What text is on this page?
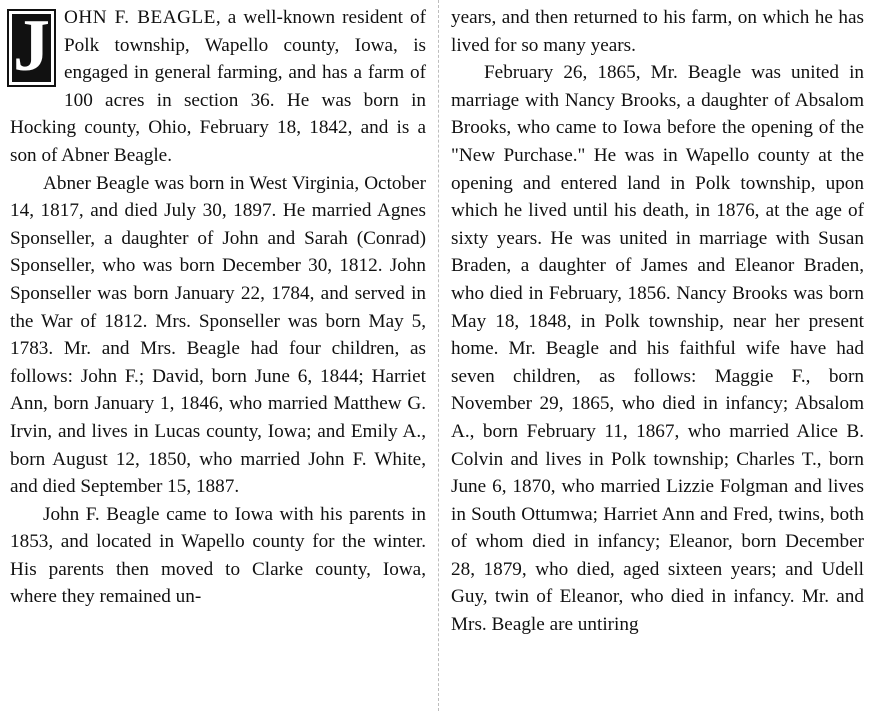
J OHN F. BEAGLE, a well-known resident of Polk township, Wapello county, Iowa, is engaged in general farming, and has a farm of 100 acres in section 36. He was born in Hocking county, Ohio, February 18, 1842, and is a son of Abner Beagle.

Abner Beagle was born in West Virginia, October 14, 1817, and died July 30, 1897. He married Agnes Sponseller, a daughter of John and Sarah (Conrad) Sponseller, who was born December 30, 1812. John Sponseller was born January 22, 1784, and served in the War of 1812. Mrs. Sponseller was born May 5, 1783. Mr. and Mrs. Beagle had four children, as follows: John F.; David, born June 6, 1844; Harriet Ann, born January 1, 1846, who married Matthew G. Irvin, and lives in Lucas county, Iowa; and Emily A., born August 12, 1850, who married John F. White, and died September 15, 1887.

John F. Beagle came to Iowa with his parents in 1853, and located in Wapello county for the winter. His parents then moved to Clarke county, Iowa, where they remained un-

years, and then returned to his farm, on which he has lived for so many years.

February 26, 1865, Mr. Beagle was united in marriage with Nancy Brooks, a daughter of Absalom Brooks, who came to Iowa before the opening of the "New Purchase." He was in Wapello county at the opening and entered land in Polk township, upon which he lived until his death, in 1876, at the age of sixty years. He was united in marriage with Susan Braden, a daughter of James and Eleanor Braden, who died in February, 1856. Nancy Brooks was born May 18, 1848, in Polk township, near her present home. Mr. Beagle and his faithful wife have had seven children, as follows: Maggie F., born November 29, 1865, who died in infancy; Absalom A., born February 11, 1867, who married Alice B. Colvin and lives in Polk township; Charles T., born June 6, 1870, who married Lizzie Folgman and lives in South Ottumwa; Harriet Ann and Fred, twins, both of whom died in infancy; Eleanor, born December 28, 1879, who died, aged sixteen years; and Udell Guy, twin of Eleanor, who died in infancy. Mr. and Mrs. Beagle are untiring
